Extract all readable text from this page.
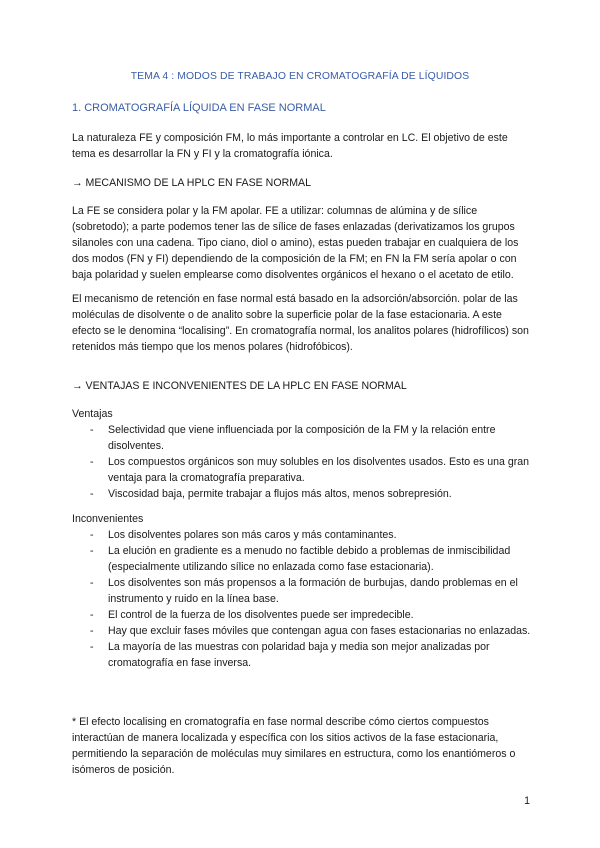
TEMA 4 : MODOS DE TRABAJO EN CROMATOGRAFÍA DE LÍQUIDOS
1. CROMATOGRAFÍA LÍQUIDA EN FASE NORMAL
La naturaleza FE y composición FM, lo más importante a controlar en LC. El objetivo de este tema es desarrollar la FN y FI y la cromatografía iónica.
→ MECANISMO DE LA HPLC EN FASE NORMAL
La FE se considera polar y la FM apolar. FE a utilizar: columnas de alúmina y de sílice (sobretodo); a parte podemos tener las de sílice de fases enlazadas (derivatizamos los grupos silanoles con una cadena. Tipo ciano, diol o amino), estas pueden trabajar en cualquiera de los dos modos (FN y FI) dependiendo de la composición de la FM; en FN la FM sería apolar o con baja polaridad y suelen emplearse como disolventes orgánicos el hexano o el acetato de etilo.
El mecanismo de retención en fase normal está basado en la adsorción/absorción. polar de las moléculas de disolvente o de analito sobre la superficie polar de la fase estacionaria. A este efecto se le denomina “localising”. En cromatografía normal, los analitos polares (hidrofílicos) son retenidos más tiempo que los menos polares (hidrofóbicos).
→ VENTAJAS E INCONVENIENTES DE LA HPLC EN FASE NORMAL
Ventajas
- Selectividad que viene influenciada por la composición de la FM y la relación entre disolventes.
- Los compuestos orgánicos son muy solubles en los disolventes usados. Esto es una gran ventaja para la cromatografía preparativa.
- Viscosidad baja, permite trabajar a flujos más altos, menos sobrepresión.
Inconvenientes
- Los disolventes polares son más caros y más contaminantes.
- La elución en gradiente es a menudo no factible debido a problemas de inmiscibilidad (especialmente utilizando sílice no enlazada como fase estacionaria).
- Los disolventes son más propensos a la formación de burbujas, dando problemas en el instrumento y ruido en la línea base.
- El control de la fuerza de los disolventes puede ser impredecible.
- Hay que excluir fases móviles que contengan agua con fases estacionarias no enlazadas.
- La mayoría de las muestras con polaridad baja y media son mejor analizadas por cromatografía en fase inversa.
* El efecto localising en cromatografía en fase normal describe cómo ciertos compuestos interactúan de manera localizada y específica con los sitios activos de la fase estacionaria, permitiendo la separación de moléculas muy similares en estructura, como los enantiómeros o isómeros de posición.
1
